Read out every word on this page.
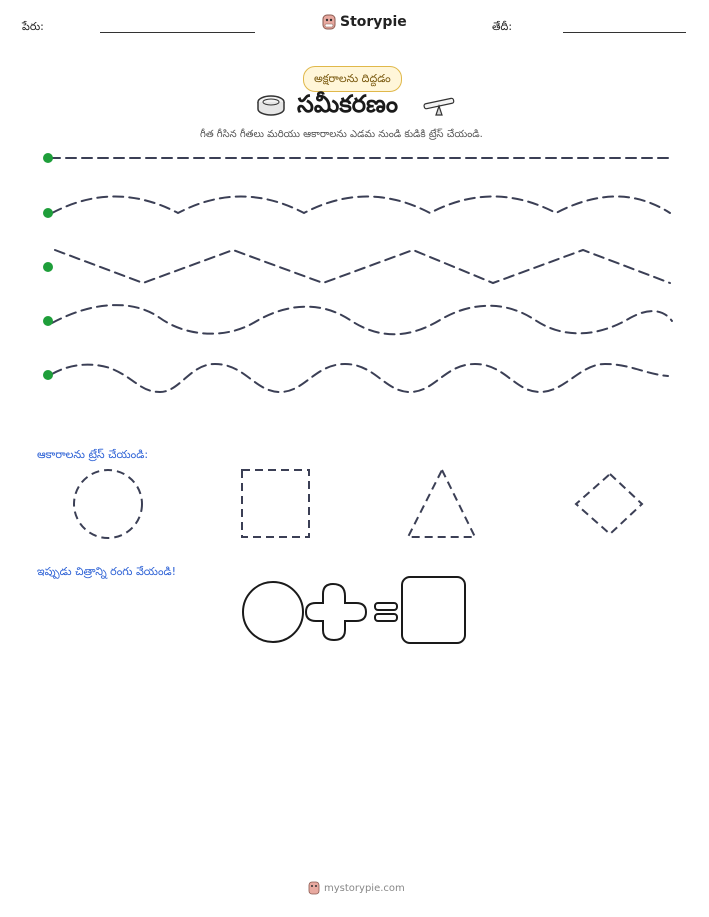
పేరు:	Storypie	తేదీ:
అక్షరాలను దిద్దడం
సమీకరణం
గీత గీసిన గీతలు మరియు ఆకారాలను ఎడమ నుండి కుడికి ట్రేస్ చేయండి.
ఆకారాలను ట్రేస్ చేయండి:
ఇప్పుడు చిత్రాన్ని రంగు వేయండి!
mystorypie.com
